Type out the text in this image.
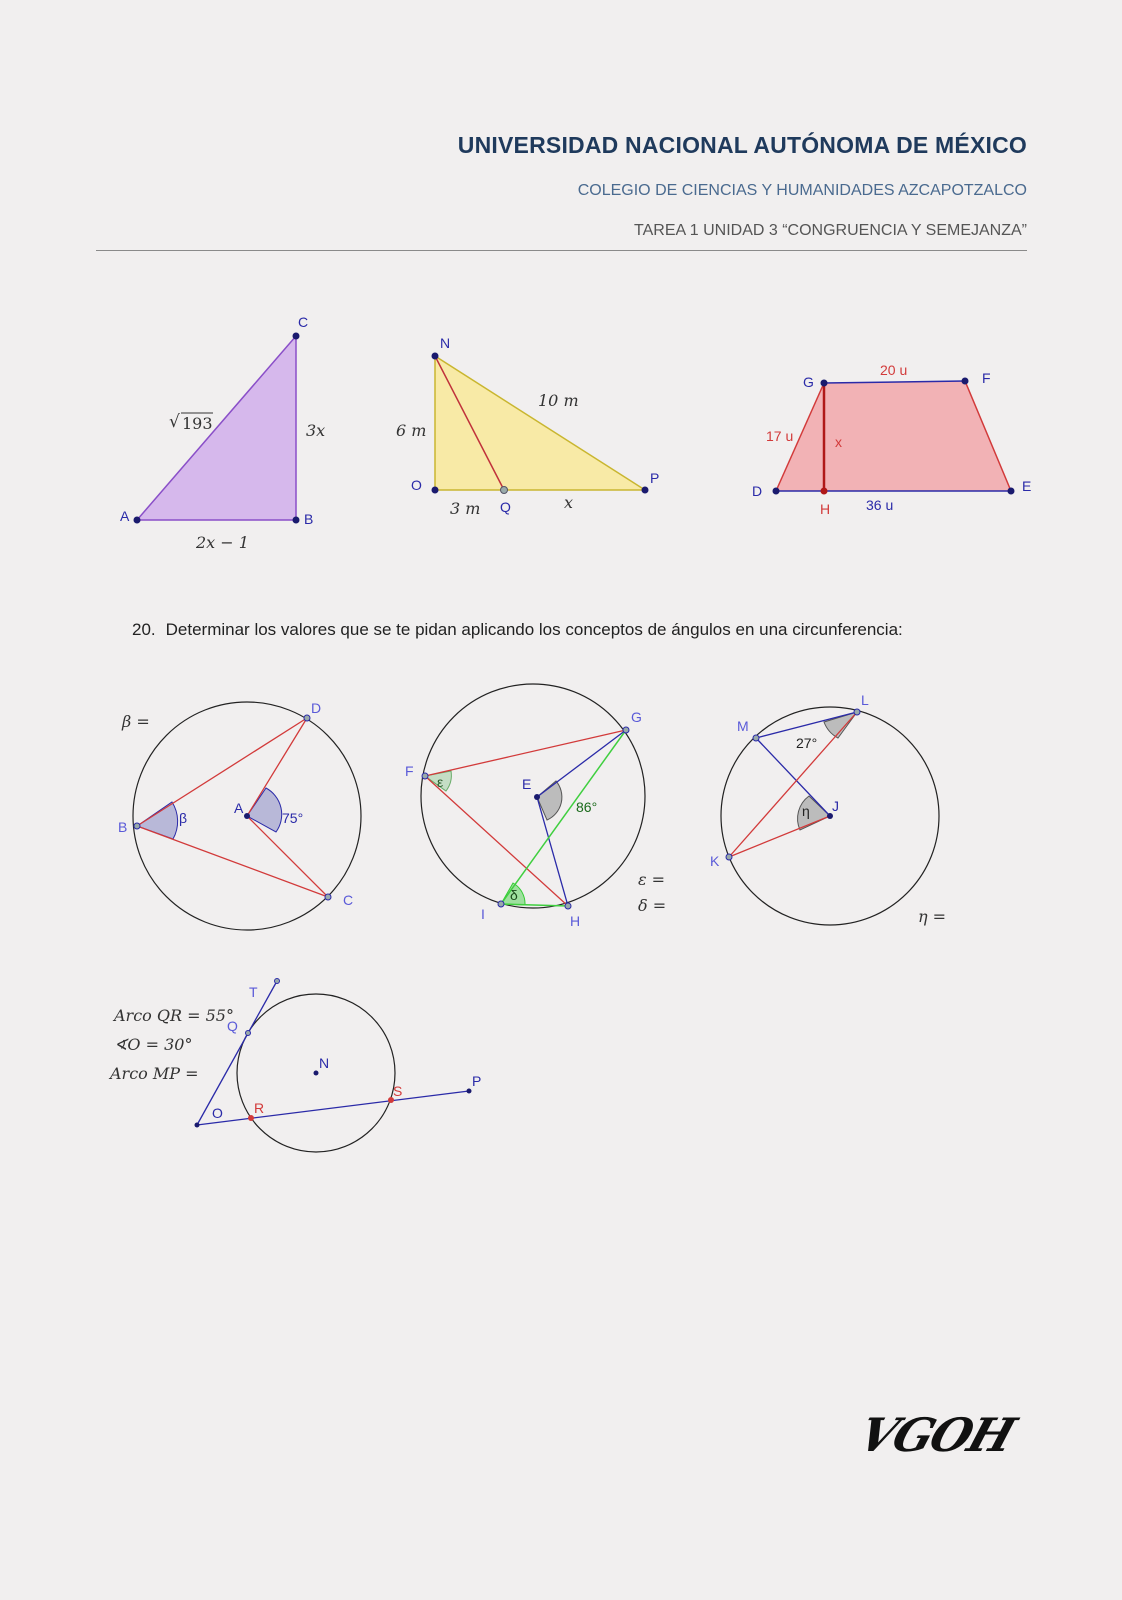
UNIVERSIDAD NACIONAL AUTÓNOMA DE MÉXICO
COLEGIO DE CIENCIAS Y HUMANIDADES AZCAPOTZALCO
TAREA 1 UNIDAD 3 “CONGRUENCIA Y SEMEJANZA”
A	B
C
√ 193	3x
2x − 1
N
O
Q
P
6 m
10 m
3 m	x
G	F
D	E
H
20 u
17 u	x
36 u
D
B
A
C
β	75°
β =	G
F
E
I	H
ε
86°
δ
ε =
δ =
L
M
J
K
27°
η
η =
T
Q
N
R
S
P
O
Arco QR = 55°
∢O = 30°
Arco MP =
20. Determinar los valores que se te pidan aplicando los conceptos de ángulos en una circunferencia:
VGOH
